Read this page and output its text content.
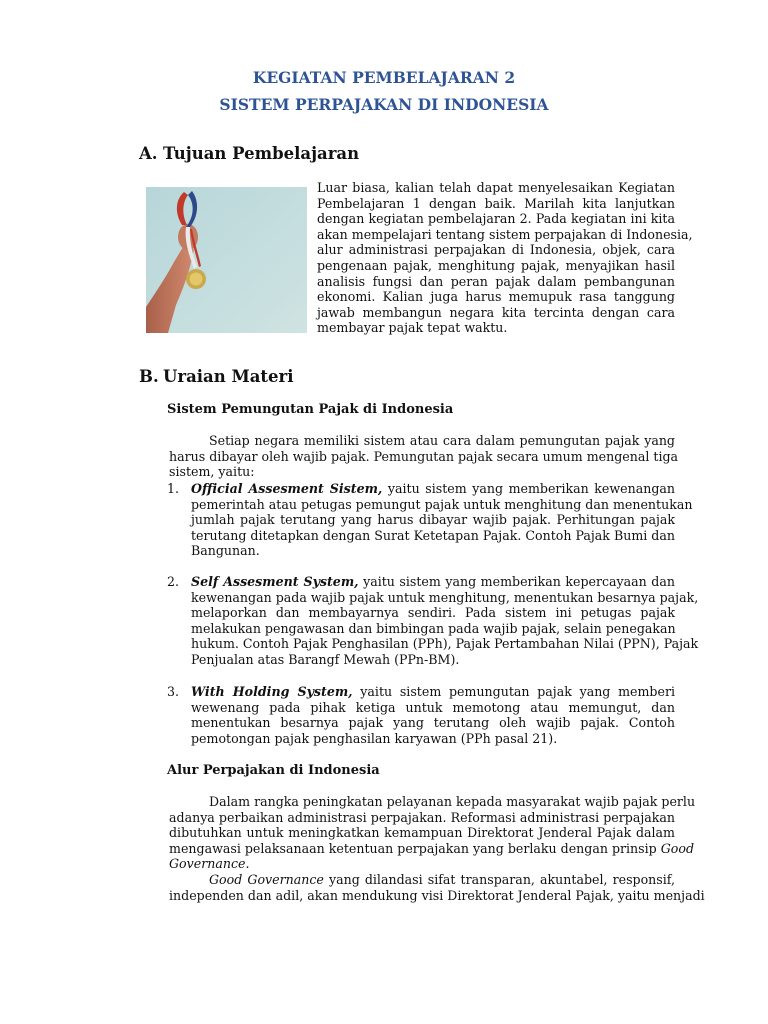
KEGIATAN PEMBELAJARAN 2
SISTEM PERPAJAKAN DI INDONESIA
A. Tujuan Pembelajaran
Luar biasa, kalian telah dapat menyelesaikan Kegiatan
Pembelajaran 1 dengan baik. Marilah kita lanjutkan
dengan kegiatan pembelajaran 2. Pada kegiatan ini kita
akan mempelajari tentang sistem perpajakan di Indonesia,
alur administrasi perpajakan di Indonesia, objek, cara
pengenaan pajak, menghitung pajak, menyajikan hasil
analisis fungsi dan peran pajak dalam pembangunan
ekonomi. Kalian juga harus memupuk rasa tanggung
jawab membangun negara kita tercinta dengan cara
membayar pajak tepat waktu.
B. Uraian Materi
Sistem Pemungutan Pajak di Indonesia
Setiap negara memiliki sistem atau cara dalam pemungutan pajak yang
harus dibayar oleh wajib pajak. Pemungutan pajak secara umum mengenal tiga
sistem, yaitu:
1. Official Assesment Sistem, yaitu sistem yang memberikan kewenangan
pemerintah atau petugas pemungut pajak untuk menghitung dan menentukan
jumlah pajak terutang yang harus dibayar wajib pajak. Perhitungan pajak
terutang ditetapkan dengan Surat Ketetapan Pajak. Contoh Pajak Bumi dan
Bangunan.
2. Self Assesment System, yaitu sistem yang memberikan kepercayaan dan
kewenangan pada wajib pajak untuk menghitung, menentukan besarnya pajak,
melaporkan dan membayarnya sendiri. Pada sistem ini petugas pajak
melakukan pengawasan dan bimbingan pada wajib pajak, selain penegakan
hukum. Contoh Pajak Penghasilan (PPh), Pajak Pertambahan Nilai (PPN), Pajak
Penjualan atas Barangf Mewah (PPn-BM).
3. With Holding System, yaitu sistem pemungutan pajak yang memberi
wewenang pada pihak ketiga untuk memotong atau memungut, dan
menentukan besarnya pajak yang terutang oleh wajib pajak. Contoh
pemotongan pajak penghasilan karyawan (PPh pasal 21).
Alur Perpajakan di Indonesia
Dalam rangka peningkatan pelayanan kepada masyarakat wajib pajak perlu
adanya perbaikan administrasi perpajakan. Reformasi administrasi perpajakan
dibutuhkan untuk meningkatkan kemampuan Direktorat Jenderal Pajak dalam
mengawasi pelaksanaan ketentuan perpajakan yang berlaku dengan prinsip Good
Governance.
Good Governance yang dilandasi sifat transparan, akuntabel, responsif,
independen dan adil, akan mendukung visi Direktorat Jenderal Pajak, yaitu menjadi
